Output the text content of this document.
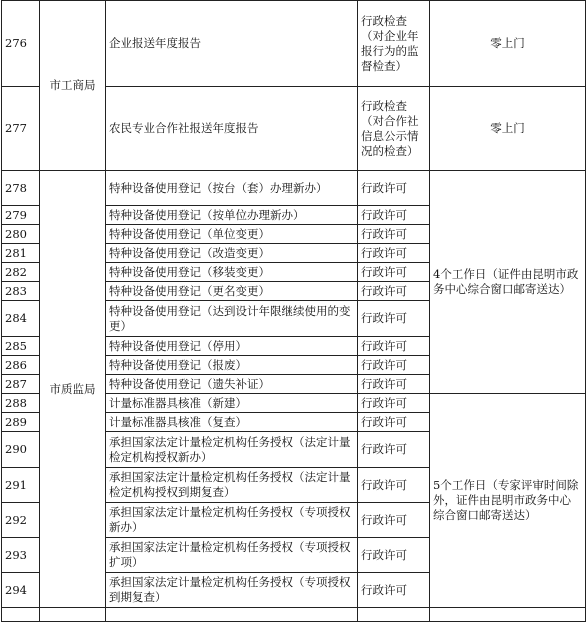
276	市工商局	企业报送年度报告	行政检查（对企业年报行为的监督检查）	零上门
277		农民专业合作社报送年度报告	行政检查（对合作社信息公示情况的检查）	零上门
278	市质监局	特种设备使用登记（按台（套）办理新办）	行政许可	4个工作日（证件由昆明市政务中心综合窗口邮寄送达）
279		特种设备使用登记（按单位办理新办）	行政许可	
280		特种设备使用登记（单位变更）	行政许可	
281		特种设备使用登记（改造变更）	行政许可	
282		特种设备使用登记（移装变更）	行政许可	
283		特种设备使用登记（更名变更）	行政许可	
284		特种设备使用登记（达到设计年限继续使用的变更）	行政许可	
285		特种设备使用登记（停用）	行政许可	
286		特种设备使用登记（报废）	行政许可	
287		特种设备使用登记（遗失补证）	行政许可	
288		计量标准器具核准（新建）	行政许可	5个工作日（专家评审时间除外，证件由昆明市政务中心综合窗口邮寄送达）
289		计量标准器具核准（复查）	行政许可	
290		承担国家法定计量检定机构任务授权（法定计量检定机构授权新办）	行政许可	
291		承担国家法定计量检定机构任务授权（法定计量检定机构授权到期复查）	行政许可	
292		承担国家法定计量检定机构任务授权（专项授权新办）	行政许可	
293		承担国家法定计量检定机构任务授权（专项授权扩项）	行政许可	
294		承担国家法定计量检定机构任务授权（专项授权到期复查）	行政许可	
